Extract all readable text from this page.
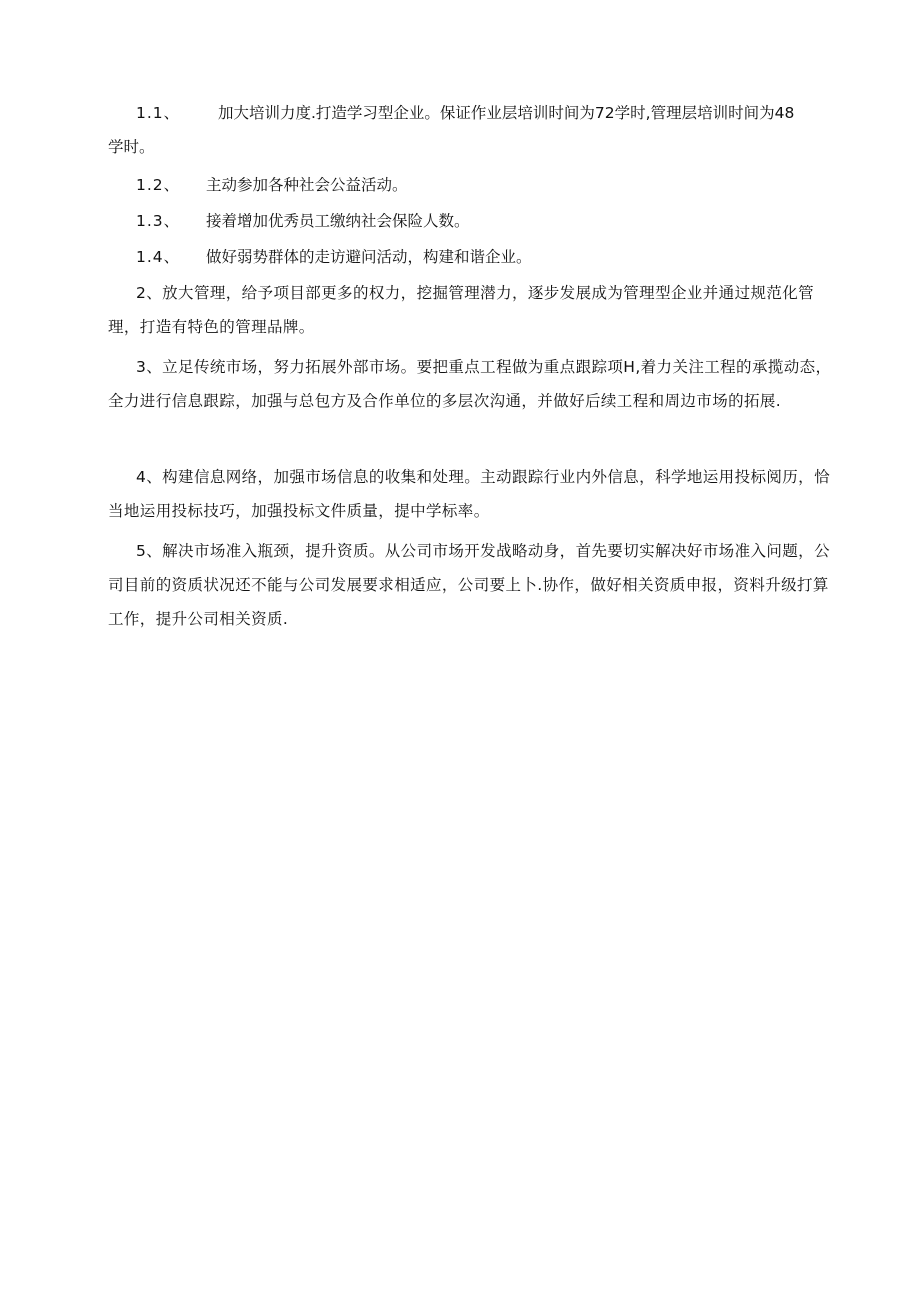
1.1、 加大培训力度.打造学习型企业。保证作业层培训时间为72学时,管理层培训时间为48

学时。

1.2、 主动参加各种社会公益活动。

1.3、 接着增加优秀员工缴纳社会保险人数。

1.4、 做好弱势群体的走访避问活动，构建和谐企业。

2、放大管理，给予项目部更多的权力，挖掘管理潜力，逐步发展成为管理型企业并通过规范化管理，打造有特色的管理品牌。

3、立足传统市场，努力拓展外部市场。要把重点工程做为重点跟踪项H,着力关注工程的承揽动态，全力进行信息跟踪，加强与总包方及合作单位的多层次沟通，并做好后续工程和周边市场的拓展.

4、构建信息网络，加强市场信息的收集和处理。主动跟踪行业内外信息，科学地运用投标阅历，恰当地运用投标技巧，加强投标文件质量，提中学标率。

5、解决市场准入瓶颈，提升资质。从公司市场开发战略动身，首先要切实解决好市场准入问题，公司目前的资质状况还不能与公司发展要求相适应，公司要上卜.协作，做好相关资质申报，资料升级打算工作，提升公司相关资质.
